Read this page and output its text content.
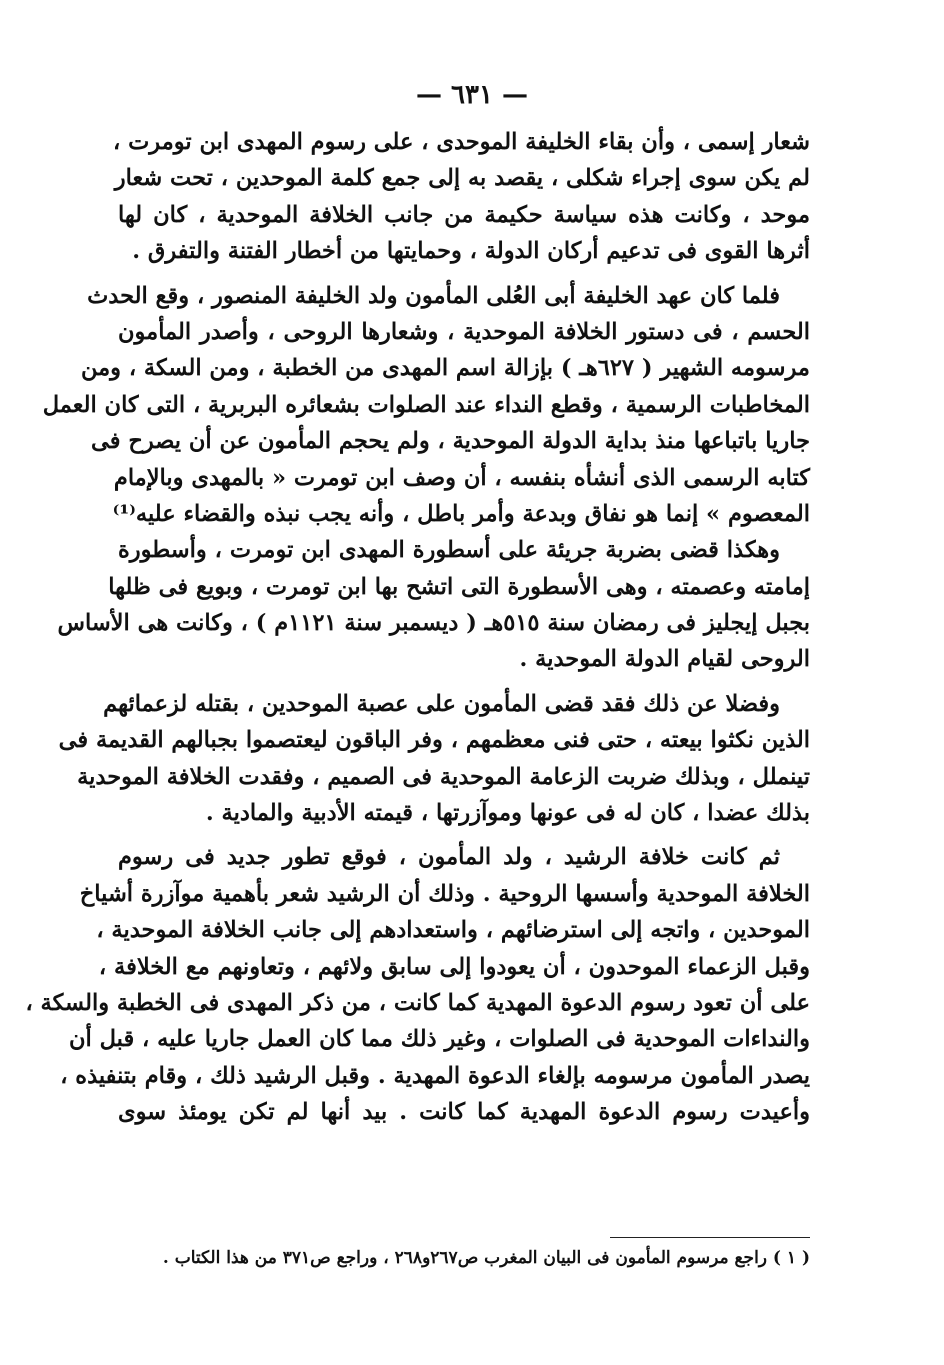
— ٦٣١ —
شعار إسمى ، وأن بقاء الخليفة الموحدى ، على رسوم المهدى ابن تومرت ،
لم يكن سوى إجراء شكلى ، يقصد به إلى جمع كلمة الموحدين ، تحت شعار
موحد ، وكانت هذه سياسة حكيمة من جانب الخلافة الموحدية ، كان لها
أثرها القوى فى تدعيم أركان الدولة ، وحمايتها من أخطار الفتنة والتفرق .
فلما كان عهد الخليفة أبى العُلى المأمون ولد الخليفة المنصور ، وقع الحدث
الحسم ، فى دستور الخلافة الموحدية ، وشعارها الروحى ، وأصدر المأمون
مرسومه الشهير ( ٦٢٧هـ ) بإزالة اسم المهدى من الخطبة ، ومن السكة ، ومن
المخاطبات الرسمية ، وقطع النداء عند الصلوات بشعائره البربرية ، التى كان العمل
جاريا باتباعها منذ بداية الدولة الموحدية ، ولم يحجم المأمون عن أن يصرح فى
كتابه الرسمى الذى أنشأه بنفسه ، أن وصف ابن تومرت « بالمهدى وبالإمام
المعصوم » إنما هو نفاق وبدعة وأمر باطل ، وأنه يجب نبذه والقضاء عليه⁽¹⁾
وهكذا قضى بضربة جريئة على أسطورة المهدى ابن تومرت ، وأسطورة
إمامته وعصمته ، وهى الأسطورة التى اتشح بها ابن تومرت ، وبويع فى ظلها
بجبل إيجليز فى رمضان سنة ٥١٥هـ ( ديسمبر سنة ١١٢١م ) ، وكانت هى الأساس
الروحى لقيام الدولة الموحدية .
وفضلا عن ذلك فقد قضى المأمون على عصبة الموحدين ، بقتله لزعمائهم
الذين نكثوا بيعته ، حتى فنى معظمهم ، وفر الباقون ليعتصموا بجبالهم القديمة فى
تينملل ، وبذلك ضربت الزعامة الموحدية فى الصميم ، وفقدت الخلافة الموحدية
بذلك عضدا ، كان له فى عونها وموآزرتها ، قيمته الأدبية والمادية .
ثم كانت خلافة الرشيد ، ولد المأمون ، فوقع تطور جديد فى رسوم
الخلافة الموحدية وأسسها الروحية . وذلك أن الرشيد شعر بأهمية موآزرة أشياخ
الموحدين ، واتجه إلى استرضائهم ، واستعدادهم إلى جانب الخلافة الموحدية ،
وقبل الزعماء الموحدون ، أن يعودوا إلى سابق ولائهم ، وتعاونهم مع الخلافة ،
على أن تعود رسوم الدعوة المهدية كما كانت ، من ذكر المهدى فى الخطبة والسكة ،
والنداءات الموحدية فى الصلوات ، وغير ذلك مما كان العمل جاريا عليه ، قبل أن
يصدر المأمون مرسومه بإلغاء الدعوة المهدية . وقبل الرشيد ذلك ، وقام بتنفيذه ،
وأعيدت رسوم الدعوة المهدية كما كانت . بيد أنها لم تكن يومئذ سوى
( ١ ) راجع مرسوم المأمون فى البيان المغرب ص٢٦٧و٢٦٨ ، وراجع ص٣٧١ من هذا الكتاب .
